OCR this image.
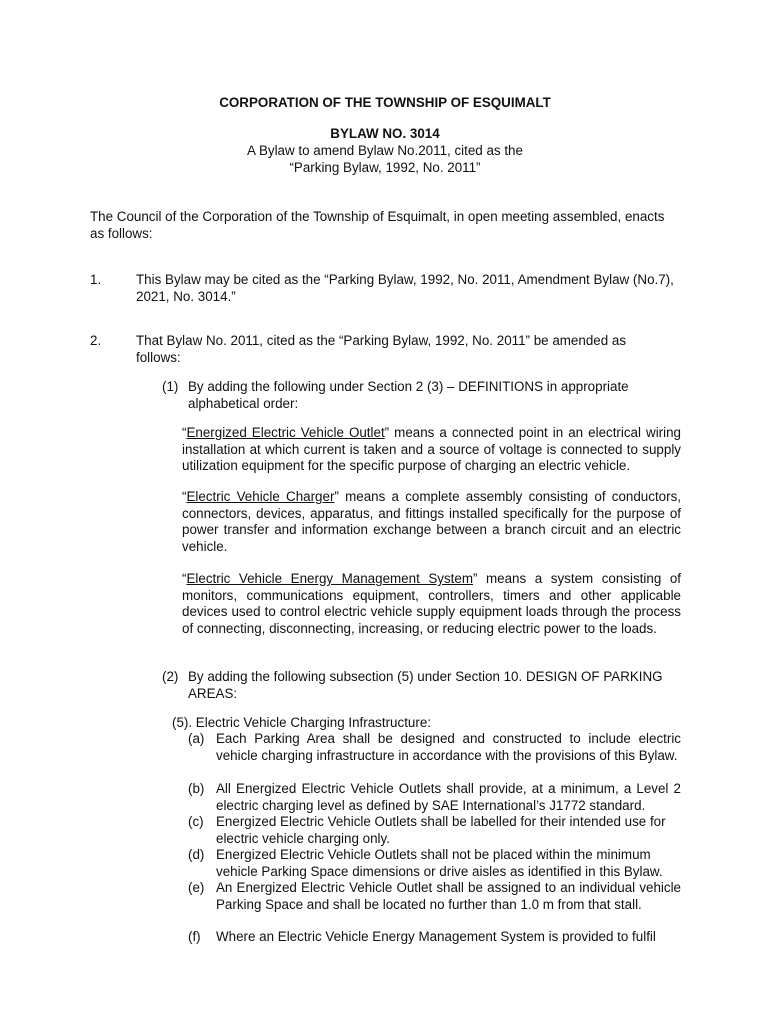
CORPORATION OF THE TOWNSHIP OF ESQUIMALT
BYLAW NO. 3014
A Bylaw to amend Bylaw No.2011, cited as the
“Parking Bylaw, 1992, No. 2011”
The Council of the Corporation of the Township of Esquimalt, in open meeting assembled, enacts as follows:
1.	This Bylaw may be cited as the “Parking Bylaw, 1992, No. 2011, Amendment Bylaw (No.7), 2021, No. 3014.”
2.	That Bylaw No. 2011, cited as the “Parking Bylaw, 1992, No. 2011” be amended as follows:
(1) By adding the following under Section 2 (3) – DEFINITIONS in appropriate alphabetical order:
“Energized Electric Vehicle Outlet” means a connected point in an electrical wiring installation at which current is taken and a source of voltage is connected to supply utilization equipment for the specific purpose of charging an electric vehicle.
“Electric Vehicle Charger” means a complete assembly consisting of conductors, connectors, devices, apparatus, and fittings installed specifically for the purpose of power transfer and information exchange between a branch circuit and an electric vehicle.
“Electric Vehicle Energy Management System” means a system consisting of monitors, communications equipment, controllers, timers and other applicable devices used to control electric vehicle supply equipment loads through the process of connecting, disconnecting, increasing, or reducing electric power to the loads.
(2) By adding the following subsection (5) under Section 10. DESIGN OF PARKING AREAS:
(5). Electric Vehicle Charging Infrastructure:
(a) Each Parking Area shall be designed and constructed to include electric vehicle charging infrastructure in accordance with the provisions of this Bylaw.
(b) All Energized Electric Vehicle Outlets shall provide, at a minimum, a Level 2 electric charging level as defined by SAE International’s J1772 standard.
(c) Energized Electric Vehicle Outlets shall be labelled for their intended use for electric vehicle charging only.
(d) Energized Electric Vehicle Outlets shall not be placed within the minimum vehicle Parking Space dimensions or drive aisles as identified in this Bylaw.
(e) An Energized Electric Vehicle Outlet shall be assigned to an individual vehicle Parking Space and shall be located no further than 1.0 m from that stall.
(f) Where an Electric Vehicle Energy Management System is provided to fulfil
